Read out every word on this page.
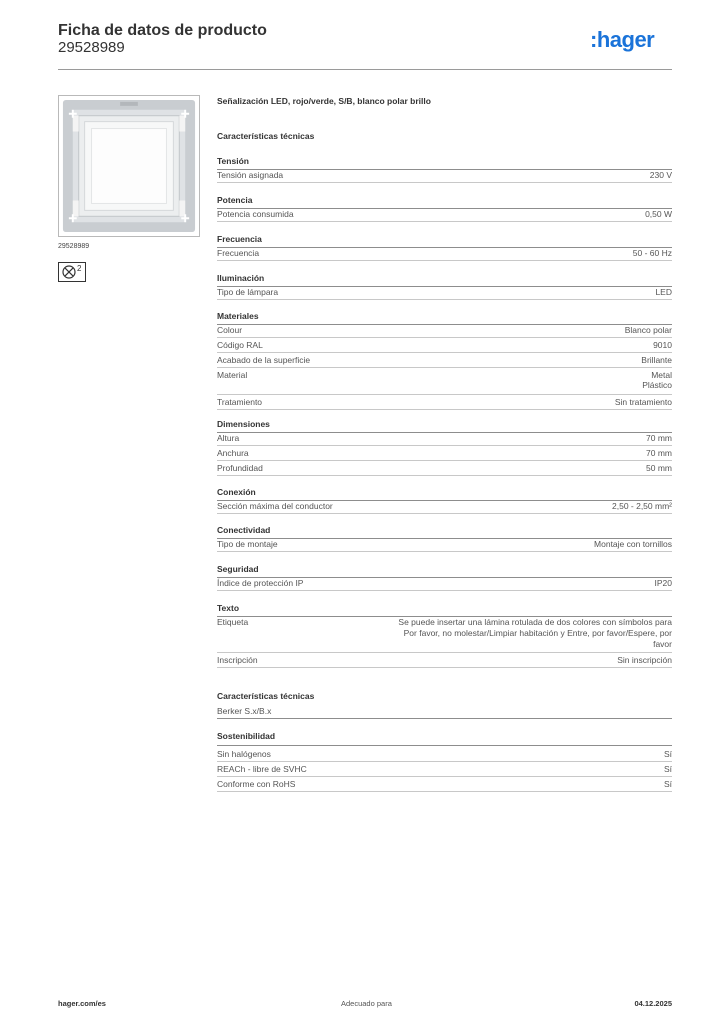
Ficha de datos de producto
29528989	:hager
29528989
2
Señalización LED, rojo/verde, S/B, blanco polar brillo
Características técnicas
Tensión
Tensión asignada	230 V
Potencia
Potencia consumida	0,50 W
Frecuencia
Frecuencia	50 - 60 Hz
Iluminación
Tipo de lámpara	LED
Materiales
Colour	Blanco polar
Código RAL	9010
Acabado de la superficie	Brillante
Material	Metal
Plástico
Tratamiento	Sin tratamiento
Dimensiones
Altura	70 mm
Anchura	70 mm
Profundidad	50 mm
Conexión
Sección máxima del conductor	2,50 - 2,50 mm²
Conectividad
Tipo de montaje	Montaje con tornillos
Seguridad
Índice de protección IP	IP20
Texto
Etiqueta	Se puede insertar una lámina rotulada de dos colores con símbolos para
Por favor, no molestar/Limpiar habitación y Entre, por favor/Espere, por
favor
Inscripción	Sin inscripción
Características técnicas
Berker S.x/B.x
Sostenibilidad
Sin halógenos	Sí
REACh - libre de SVHC	Sí
Conforme con RoHS	Sí
hager.com/es	Adecuado para	04.12.2025
